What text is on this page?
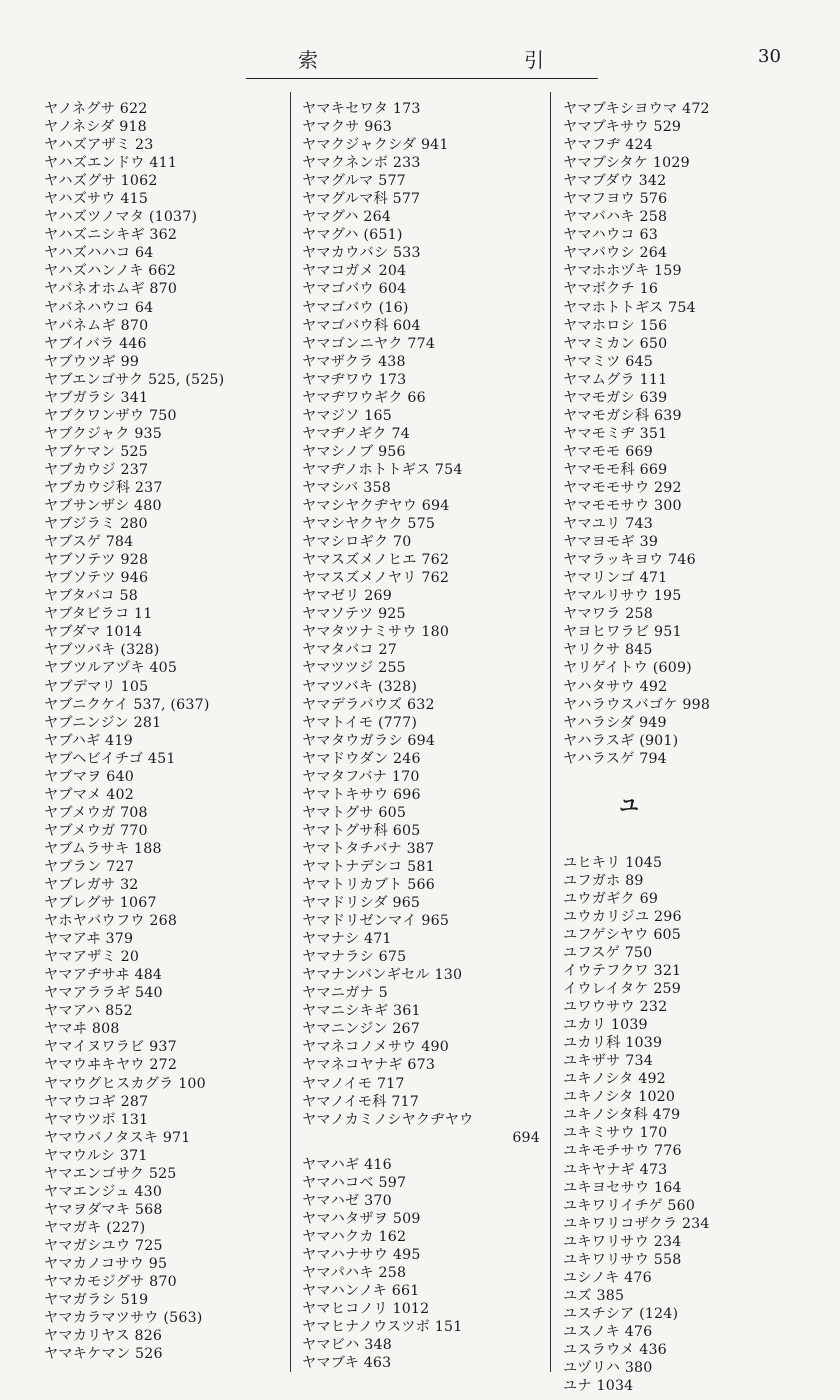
索	引	30
ヤノネグサ 622
ヤノネシダ 918
ヤハズアザミ 23
ヤハズエンドウ 411
ヤハズグサ 1062
ヤハズサウ 415
ヤハズツノマタ (1037)
ヤハズニシキギ 362
ヤハズハハコ 64
ヤハズハンノキ 662
ヤバネオホムギ 870
ヤバネハウコ 64
ヤバネムギ 870
ヤブイバラ 446
ヤブウツギ 99
ヤブエンゴサク 525, (525)
ヤブガラシ 341
ヤブクワンザウ 750
ヤブクジャク 935
ヤブケマン 525
ヤブカウジ 237
ヤブカウジ科 237
ヤブサンザシ 480
ヤブジラミ 280
ヤブスゲ 784
ヤブソテツ 928
ヤブソテツ 946
ヤブタバコ 58
ヤブタビラコ 11
ヤブダマ 1014
ヤブツバキ (328)
ヤブツルアヅキ 405
ヤブデマリ 105
ヤブニクケイ 537, (637)
ヤブニンジン 281
ヤブハギ 419
ヤブヘビイチゴ 451
ヤブマヲ 640
ヤブマメ 402
ヤブメウガ 708
ヤブメウガ 770
ヤブムラサキ 188
ヤブラン 727
ヤブレガサ 32
ヤブレグサ 1067
ヤホヤバウフウ 268
ヤマアヰ 379
ヤマアザミ 20
ヤマアヂサヰ 484
ヤマアララギ 540
ヤマアハ 852
ヤマヰ 808
ヤマイヌワラビ 937
ヤマウヰキヤウ 272
ヤマウグヒスカグラ 100
ヤマウコギ 287
ヤマウツボ 131
ヤマウバノタスキ 971
ヤマウルシ 371
ヤマエンゴサク 525
ヤマエンジュ 430
ヤマヲダマキ 568
ヤマガキ (227)
ヤマガシユウ 725
ヤマカノコサウ 95
ヤマカモジグサ 870
ヤマガラシ 519
ヤマカラマツサウ (563)
ヤマカリヤス 826
ヤマキケマン 526
ヤマキセワタ 173
ヤマクサ 963
ヤマクジャクシダ 941
ヤマクネンボ 233
ヤマグルマ 577
ヤマグルマ科 577
ヤマグハ 264
ヤマグハ (651)
ヤマカウバシ 533
ヤマコガメ 204
ヤマゴバウ 604
ヤマゴバウ (16)
ヤマゴバウ科 604
ヤマゴンニヤク 774
ヤマザクラ 438
ヤマヂワウ 173
ヤマヂワウギク 66
ヤマジソ 165
ヤマヂノギク 74
ヤマシノブ 956
ヤマヂノホトトギス 754
ヤマシバ 358
ヤマシヤクヂヤウ 694
ヤマシヤクヤク 575
ヤマシロギク 70
ヤマスズメノヒエ 762
ヤマスズメノヤリ 762
ヤマゼリ 269
ヤマソテツ 925
ヤマタツナミサウ 180
ヤマタバコ 27
ヤマツツジ 255
ヤマツバキ (328)
ヤマデラバウズ 632
ヤマトイモ (777)
ヤマタウガラシ 694
ヤマドウダン 246
ヤマタフバナ 170
ヤマトキサウ 696
ヤマトグサ 605
ヤマトグサ科 605
ヤマトタチバナ 387
ヤマトナデシコ 581
ヤマトリカブト 566
ヤマドリシダ 965
ヤマドリゼンマイ 965
ヤマナシ 471
ヤマナラシ 675
ヤマナンバンギセル 130
ヤマニガナ 5
ヤマニシキギ 361
ヤマニンジン 267
ヤマネコノメサウ 490
ヤマネコヤナギ 673
ヤマノイモ 717
ヤマノイモ科 717
ヤマノカミノシヤクヂヤウ
694
ヤマハギ 416
ヤマハコベ 597
ヤマハゼ 370
ヤマハタザヲ 509
ヤマハクカ 162
ヤマハナサウ 495
ヤマパハキ 258
ヤマハンノキ 661
ヤマヒコノリ 1012
ヤマヒナノウスツボ 151
ヤマビハ 348
ヤマブキ 463
ヤマブキシヨウマ 472
ヤマブキサウ 529
ヤマフヂ 424
ヤマブシタケ 1029
ヤマブダウ 342
ヤマフヨウ 576
ヤマバハキ 258
ヤマハウコ 63
ヤマバウシ 264
ヤマホホヅキ 159
ヤマボクチ 16
ヤマホトトギス 754
ヤマホロシ 156
ヤマミカン 650
ヤマミツ 645
ヤマムグラ 111
ヤマモガシ 639
ヤマモガシ科 639
ヤマモミヂ 351
ヤマモモ 669
ヤマモモ科 669
ヤマモモサウ 292
ヤマモモサウ 300
ヤマユリ 743
ヤマヨモギ 39
ヤマラッキヨウ 746
ヤマリンゴ 471
ヤマルリサウ 195
ヤマワラ 258
ヤヨヒワラビ 951
ヤリクサ 845
ヤリゲイトウ (609)
ヤハタサウ 492
ヤハラウスバゴケ 998
ヤハラシダ 949
ヤハラスギ (901)
ヤハラスゲ 794
ユ
ユヒキリ 1045
ユフガホ 89
ユウガギク 69
ユウカリジユ 296
ユフゲシヤウ 605
ユフスゲ 750
イウテフクワ 321
イウレイタケ 259
ユワウサウ 232
ユカリ 1039
ユカリ科 1039
ユキザサ 734
ユキノシタ 492
ユキノシタ 1020
ユキノシタ科 479
ユキミサウ 170
ユキモチサウ 776
ユキヤナギ 473
ユキヨセサウ 164
ユキワリイチゲ 560
ユキワリコザクラ 234
ユキワリサウ 234
ユキワリサウ 558
ユシノキ 476
ユズ 385
ユスチシア (124)
ユスノキ 476
ユスラウメ 436
ユヅリハ 380
ユナ 1034
